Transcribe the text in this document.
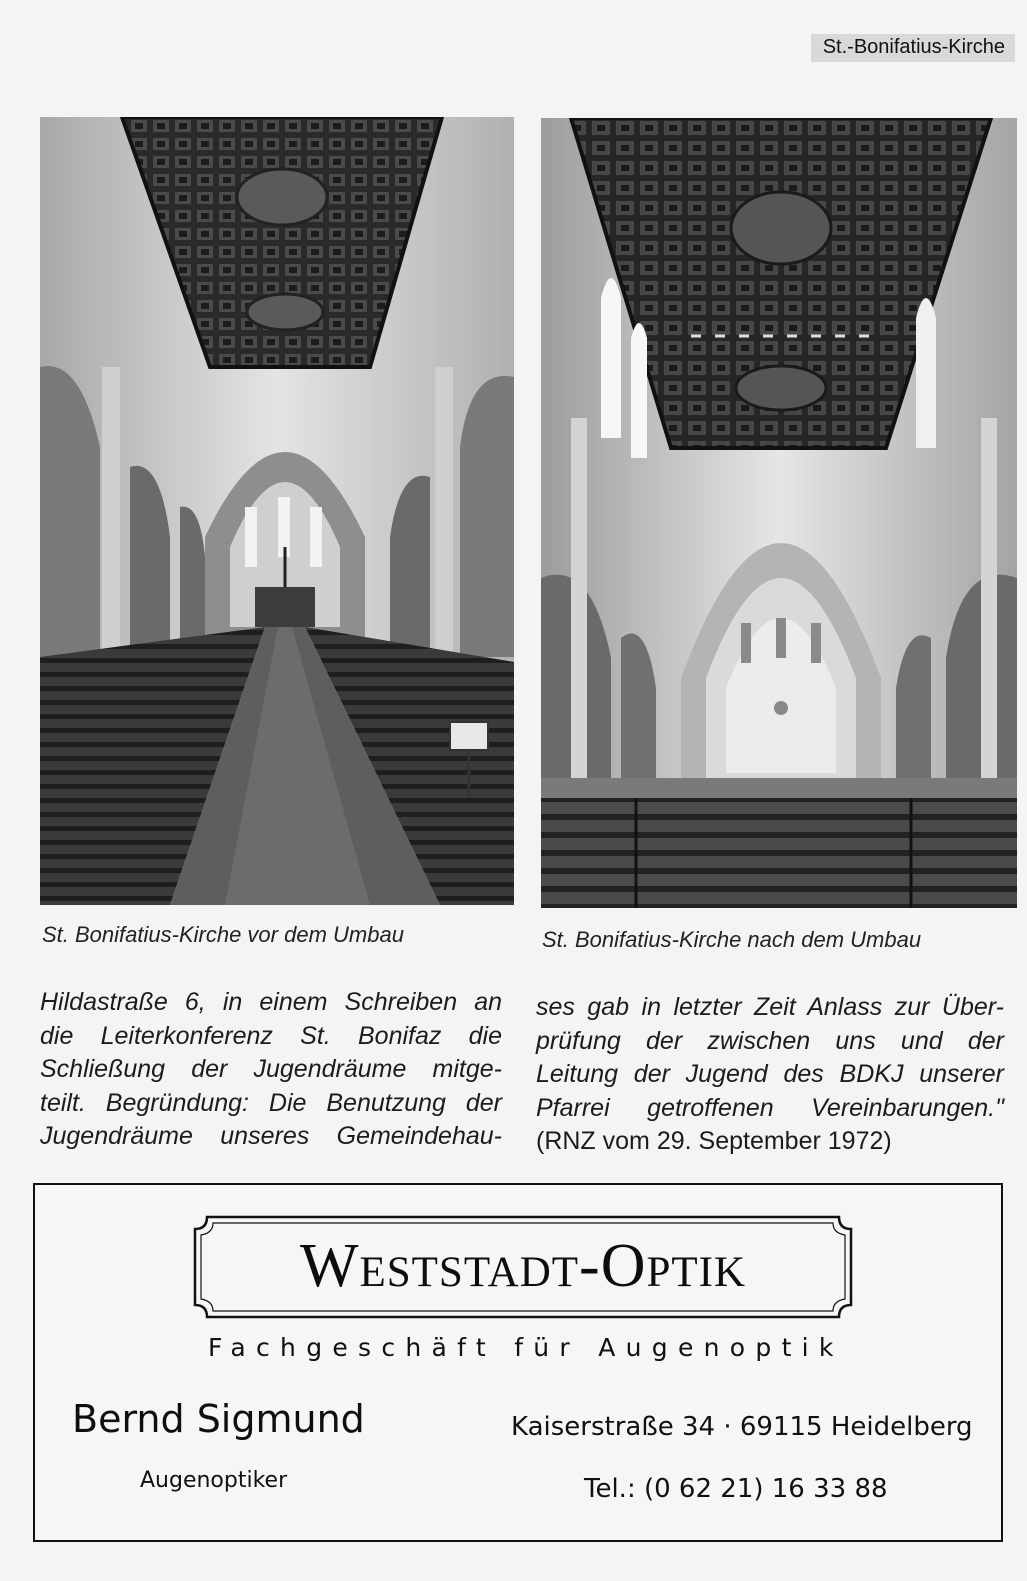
St.-Bonifatius-Kirche
St. Bonifatius-Kirche vor dem Umbau	St. Bonifatius-Kirche nach dem Umbau
Hildastraße 6, in einem Schreiben an
die Leiterkonferenz St. Bonifaz die
Schließung der Jugendräume mitge-
teilt. Begründung: Die Benutzung der
Jugendräume unseres Gemeindehau-
ses gab in letzter Zeit Anlass zur Über-
prüfung der zwischen uns und der
Leitung der Jugend des BDKJ unserer
Pfarrei getroffenen Vereinbarungen."
(RNZ vom 29. September 1972)
Weststadt-Optik
Fachgeschäft für Augenoptik
Bernd Sigmund
Augenoptiker
Kaiserstraße 34 · 69115 Heidelberg
Tel.: (0 62 21) 16 33 88
